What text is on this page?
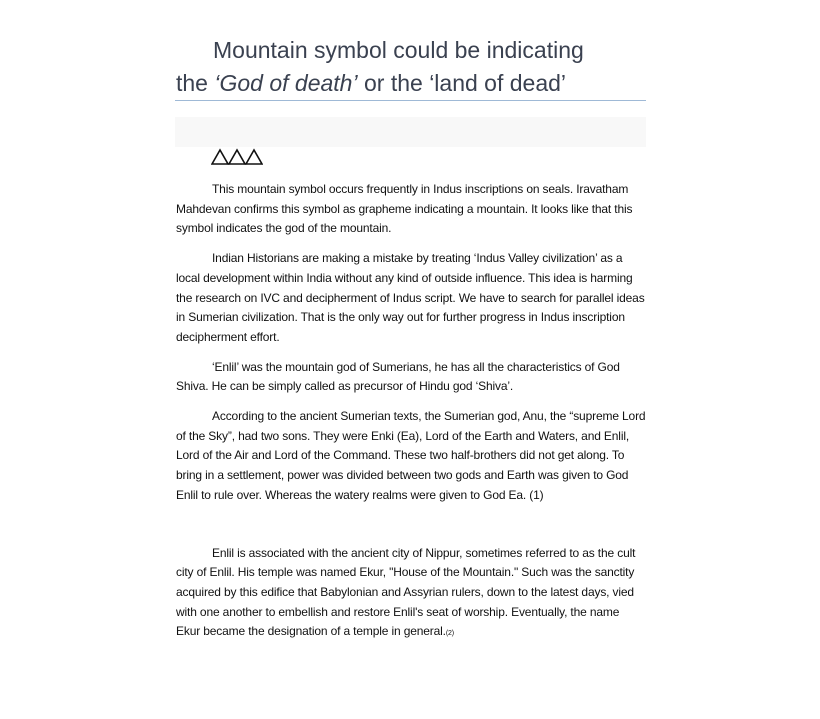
Mountain symbol could be indicating
the ‘God of death’ or the ‘land of dead’

This mountain symbol occurs frequently in Indus inscriptions on seals. Iravatham Mahdevan confirms this symbol as grapheme indicating a mountain. It looks like that this symbol indicates the god of the mountain.

Indian Historians are making a mistake by treating ‘Indus Valley civilization’ as a local development within India without any kind of outside influence. This idea is harming the research on IVC and decipherment of Indus script. We have to search for parallel ideas in Sumerian civilization. That is the only way out for further progress in Indus inscription decipherment effort.

‘Enlil’ was the mountain god of Sumerians, he has all the characteristics of God Shiva. He can be simply called as precursor of Hindu god ‘Shiva’.

According to the ancient Sumerian texts, the Sumerian god, Anu, the “supreme Lord of the Sky”, had two sons. They were Enki (Ea), Lord of the Earth and Waters, and Enlil, Lord of the Air and Lord of the Command. These two half-brothers did not get along. To bring in a settlement, power was divided between two gods and Earth was given to God Enlil to rule over. Whereas the watery realms were given to God Ea. (1)

Enlil is associated with the ancient city of Nippur, sometimes referred to as the cult city of Enlil. His temple was named Ekur, "House of the Mountain." Such was the sanctity acquired by this edifice that Babylonian and Assyrian rulers, down to the latest days, vied with one another to embellish and restore Enlil's seat of worship. Eventually, the name Ekur became the designation of a temple in general.(2)
